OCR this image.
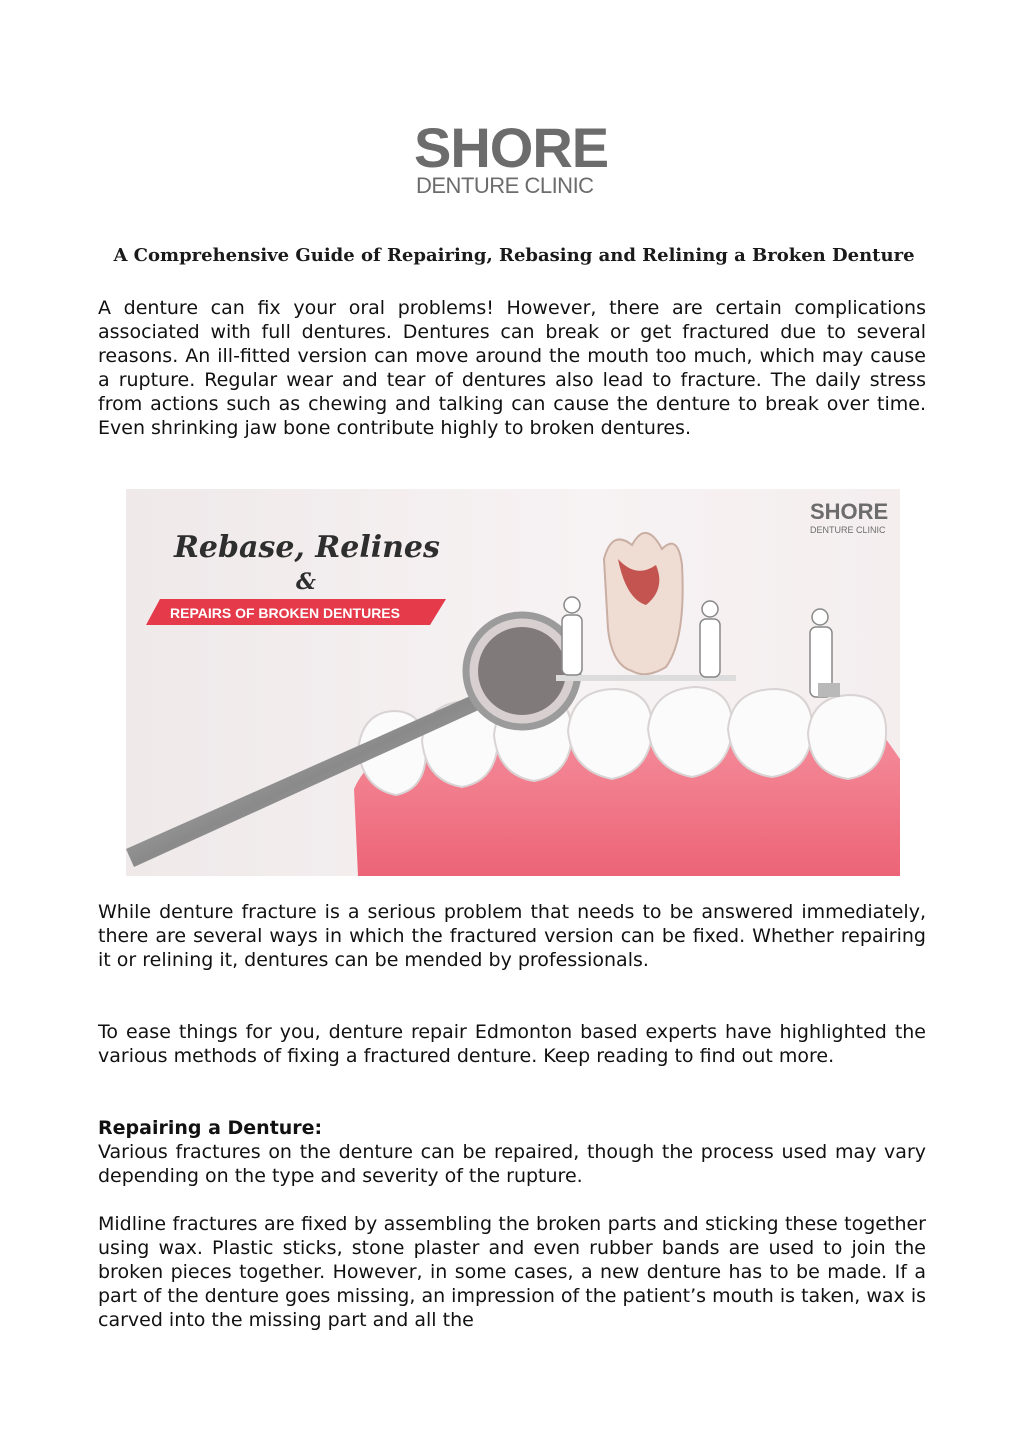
SHORE
DENTURE CLINIC
A Comprehensive Guide of Repairing, Rebasing and Relining a Broken Denture

A denture can fix your oral problems! However, there are certain complications associated with full dentures. Dentures can break or get fractured due to several reasons. An ill-fitted version can move around the mouth too much, which may cause a rupture. Regular wear and tear of dentures also lead to fracture. The daily stress from actions such as chewing and talking can cause the denture to break over time. Even shrinking jaw bone contribute highly to broken dentures.

Rebase, Relines
&
REPAIRS OF BROKEN DENTURES
SHORE
DENTURE CLINIC

While denture fracture is a serious problem that needs to be answered immediately, there are several ways in which the fractured version can be fixed. Whether repairing it or relining it, dentures can be mended by professionals.

To ease things for you, denture repair Edmonton based experts have highlighted the various methods of fixing a fractured denture. Keep reading to find out more.

Repairing a Denture:

Various fractures on the denture can be repaired, though the process used may vary depending on the type and severity of the rupture.

Midline fractures are fixed by assembling the broken parts and sticking these together using wax. Plastic sticks, stone plaster and even rubber bands are used to join the broken pieces together. However, in some cases, a new denture has to be made. If a part of the denture goes missing, an impression of the patient’s mouth is taken, wax is carved into the missing part and all the
